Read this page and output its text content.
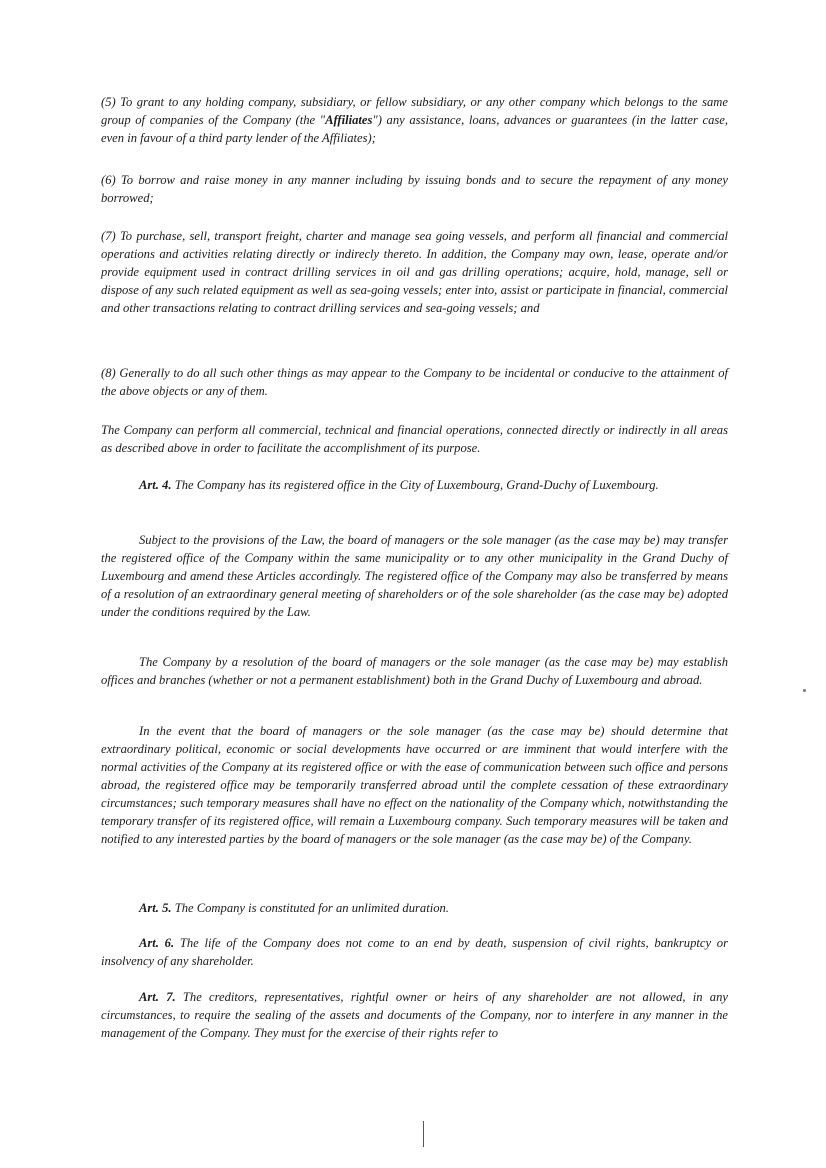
(5) To grant to any holding company, subsidiary, or fellow subsidiary, or any other company which belongs to the same group of companies of the Company (the "Affiliates") any assistance, loans, advances or guarantees (in the latter case, even in favour of a third party lender of the Affiliates);

(6) To borrow and raise money in any manner including by issuing bonds and to secure the repayment of any money borrowed;

(7) To purchase, sell, transport freight, charter and manage sea going vessels, and perform all financial and commercial operations and activities relating directly or indirecly thereto. In addition, the Company may own, lease, operate and/or provide equipment used in contract drilling services in oil and gas drilling operations; acquire, hold, manage, sell or dispose of any such related equipment as well as sea-going vessels; enter into, assist or participate in financial, commercial and other transactions relating to contract drilling services and sea-going vessels; and

(8) Generally to do all such other things as may appear to the Company to be incidental or conducive to the attainment of the above objects or any of them.

The Company can perform all commercial, technical and financial operations, connected directly or indirectly in all areas as described above in order to facilitate the accomplishment of its purpose.

Art. 4. The Company has its registered office in the City of Luxembourg, Grand-Duchy of Luxembourg.

Subject to the provisions of the Law, the board of managers or the sole manager (as the case may be) may transfer the registered office of the Company within the same municipality or to any other municipality in the Grand Duchy of Luxembourg and amend these Articles accordingly. The registered office of the Company may also be transferred by means of a resolution of an extraordinary general meeting of shareholders or of the sole shareholder (as the case may be) adopted under the conditions required by the Law.

The Company by a resolution of the board of managers or the sole manager (as the case may be) may establish offices and branches (whether or not a permanent establishment) both in the Grand Duchy of Luxembourg and abroad.

In the event that the board of managers or the sole manager (as the case may be) should determine that extraordinary political, economic or social developments have occurred or are imminent that would interfere with the normal activities of the Company at its registered office or with the ease of communication between such office and persons abroad, the registered office may be temporarily transferred abroad until the complete cessation of these extraordinary circumstances; such temporary measures shall have no effect on the nationality of the Company which, notwithstanding the temporary transfer of its registered office, will remain a Luxembourg company. Such temporary measures will be taken and notified to any interested parties by the board of managers or the sole manager (as the case may be) of the Company.

Art. 5. The Company is constituted for an unlimited duration.

Art. 6. The life of the Company does not come to an end by death, suspension of civil rights, bankruptcy or insolvency of any shareholder.

Art. 7. The creditors, representatives, rightful owner or heirs of any shareholder are not allowed, in any circumstances, to require the sealing of the assets and documents of the Company, nor to interfere in any manner in the management of the Company. They must for the exercise of their rights refer to
